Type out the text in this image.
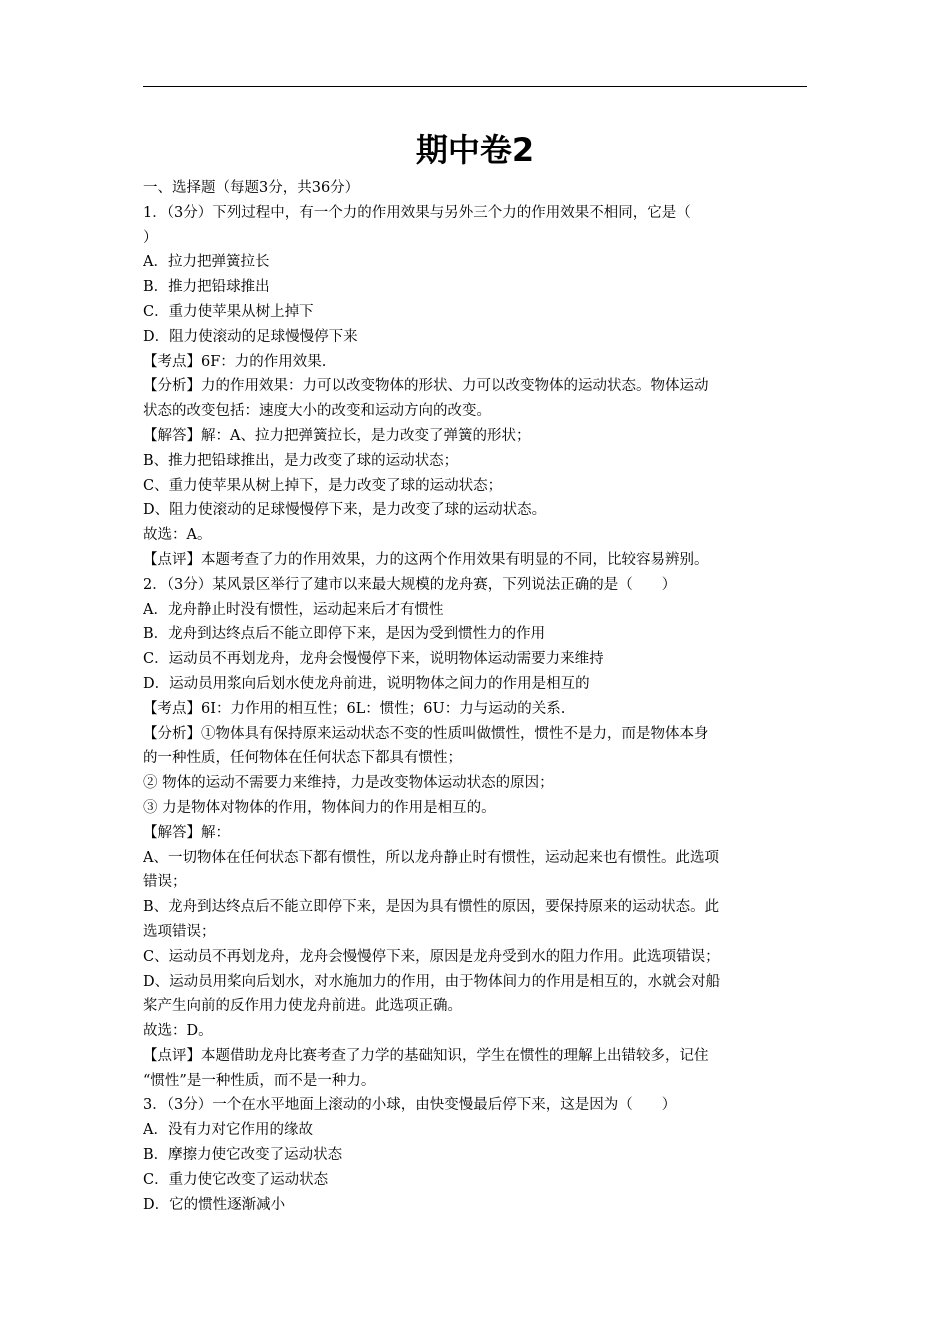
期中卷2
一、选择题（每题3分，共36分）
1．（3分）下列过程中，有一个力的作用效果与另外三个力的作用效果不相同，它是（
）
A．拉力把弹簧拉长
B．推力把铅球推出
C．重力使苹果从树上掉下
D．阻力使滚动的足球慢慢停下来
【考点】6F：力的作用效果.
【分析】力的作用效果：力可以改变物体的形状、力可以改变物体的运动状态。物体运动
状态的改变包括：速度大小的改变和运动方向的改变。
【解答】解：A、拉力把弹簧拉长，是力改变了弹簧的形状；
B、推力把铅球推出，是力改变了球的运动状态；
C、重力使苹果从树上掉下，是力改变了球的运动状态；
D、阻力使滚动的足球慢慢停下来，是力改变了球的运动状态。
故选：A。
【点评】本题考查了力的作用效果，力的这两个作用效果有明显的不同，比较容易辨别。
2．（3分）某风景区举行了建市以来最大规模的龙舟赛，下列说法正确的是（　　）
A．龙舟静止时没有惯性，运动起来后才有惯性
B．龙舟到达终点后不能立即停下来，是因为受到惯性力的作用
C．运动员不再划龙舟，龙舟会慢慢停下来，说明物体运动需要力来维持
D．运动员用浆向后划水使龙舟前进，说明物体之间力的作用是相互的
【考点】6I：力作用的相互性；6L：惯性；6U：力与运动的关系.
【分析】①物体具有保持原来运动状态不变的性质叫做惯性，惯性不是力，而是物体本身
的一种性质，任何物体在任何状态下都具有惯性；
② 物体的运动不需要力来维持，力是改变物体运动状态的原因；
③ 力是物体对物体的作用，物体间力的作用是相互的。
【解答】解：
A、一切物体在任何状态下都有惯性，所以龙舟静止时有惯性，运动起来也有惯性。此选项
错误；
B、龙舟到达终点后不能立即停下来，是因为具有惯性的原因，要保持原来的运动状态。此
选项错误；
C、运动员不再划龙舟，龙舟会慢慢停下来，原因是龙舟受到水的阻力作用。此选项错误；
D、运动员用桨向后划水，对水施加力的作用，由于物体间力的作用是相互的，水就会对船
桨产生向前的反作用力使龙舟前进。此选项正确。
故选：D。
【点评】本题借助龙舟比赛考查了力学的基础知识，学生在惯性的理解上出错较多，记住
“惯性”是一种性质，而不是一种力。
3．（3分）一个在水平地面上滚动的小球，由快变慢最后停下来，这是因为（　　）
A．没有力对它作用的缘故
B．摩擦力使它改变了运动状态
C．重力使它改变了运动状态
D．它的惯性逐渐减小
